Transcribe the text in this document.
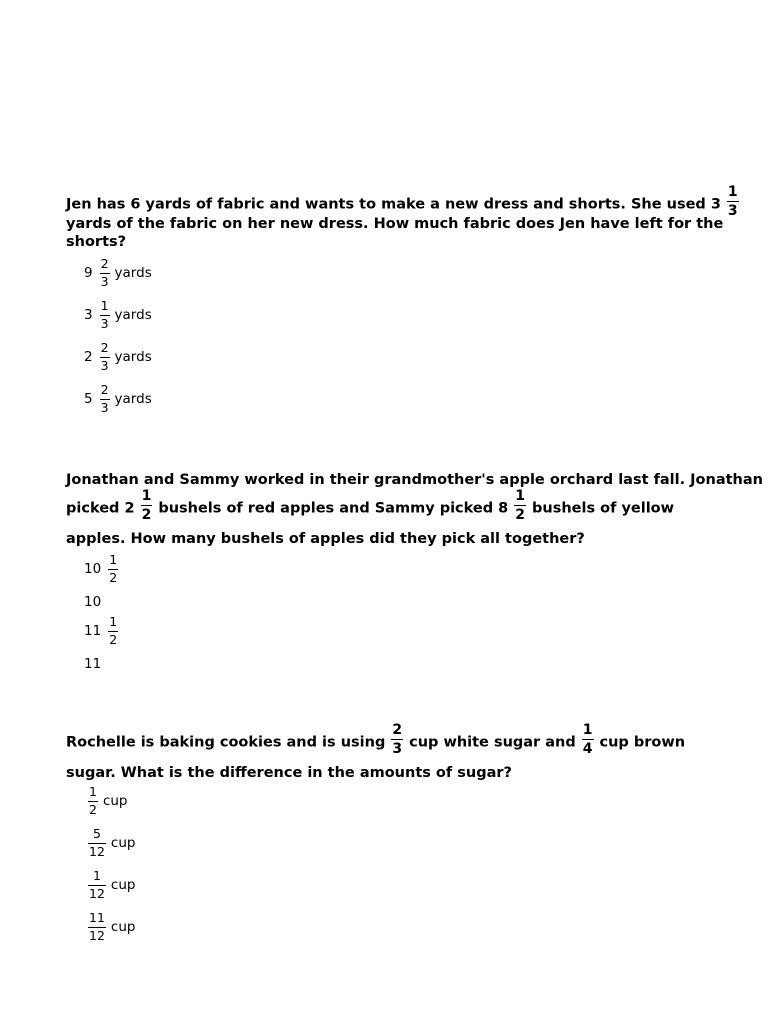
Jen has 6 yards of fabric and wants to make a new dress and shorts. She used $3 \frac{1}{3}$
yards of the fabric on her new dress. How much fabric does Jen have left for the
shorts?
$9 \frac{2}{3}$ yards
$3 \frac{1}{3}$ yards
$2 \frac{2}{3}$ yards
$5 \frac{2}{3}$ yards
Jonathan and Sammy worked in their grandmother's apple orchard last fall. Jonathan
picked $2 \frac{1}{2}$ bushels of red apples and Sammy picked $8 \frac{1}{2}$ bushels of yellow
apples. How many bushels of apples did they pick all together?
$10 \frac{1}{2}$
10
$11 \frac{1}{2}$
11
Rochelle is baking cookies and is using $\frac{2}{3}$ cup white sugar and $\frac{1}{4}$ cup brown
sugar. What is the difference in the amounts of sugar?
$\frac{1}{2}$ cup
$\frac{5}{12}$ cup
$\frac{1}{12}$ cup
$\frac{11}{12}$ cup
